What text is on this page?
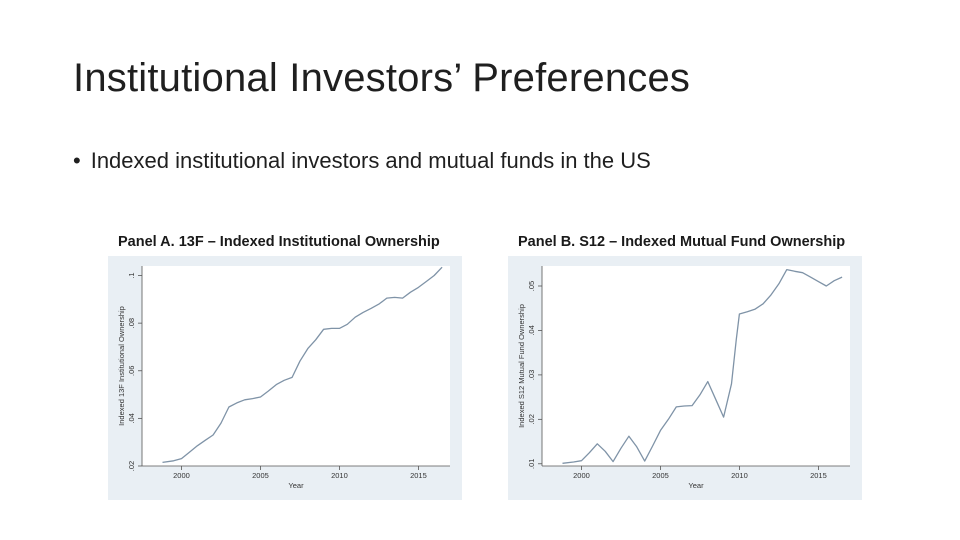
Institutional Investors’ Preferences
• Indexed institutional investors and mutual funds in the US
Panel A. 13F – Indexed Institutional Ownership	Panel B. S12 – Indexed Mutual Fund Ownership
.02
.04
.06
.08
.1
2000	2005	2010	2015
Year
Indexed 13F Institutional Ownership
.01
.02
.03
.04
.05
2000	2005	2010	2015
Year
Indexed S12 Mutual Fund Ownership
